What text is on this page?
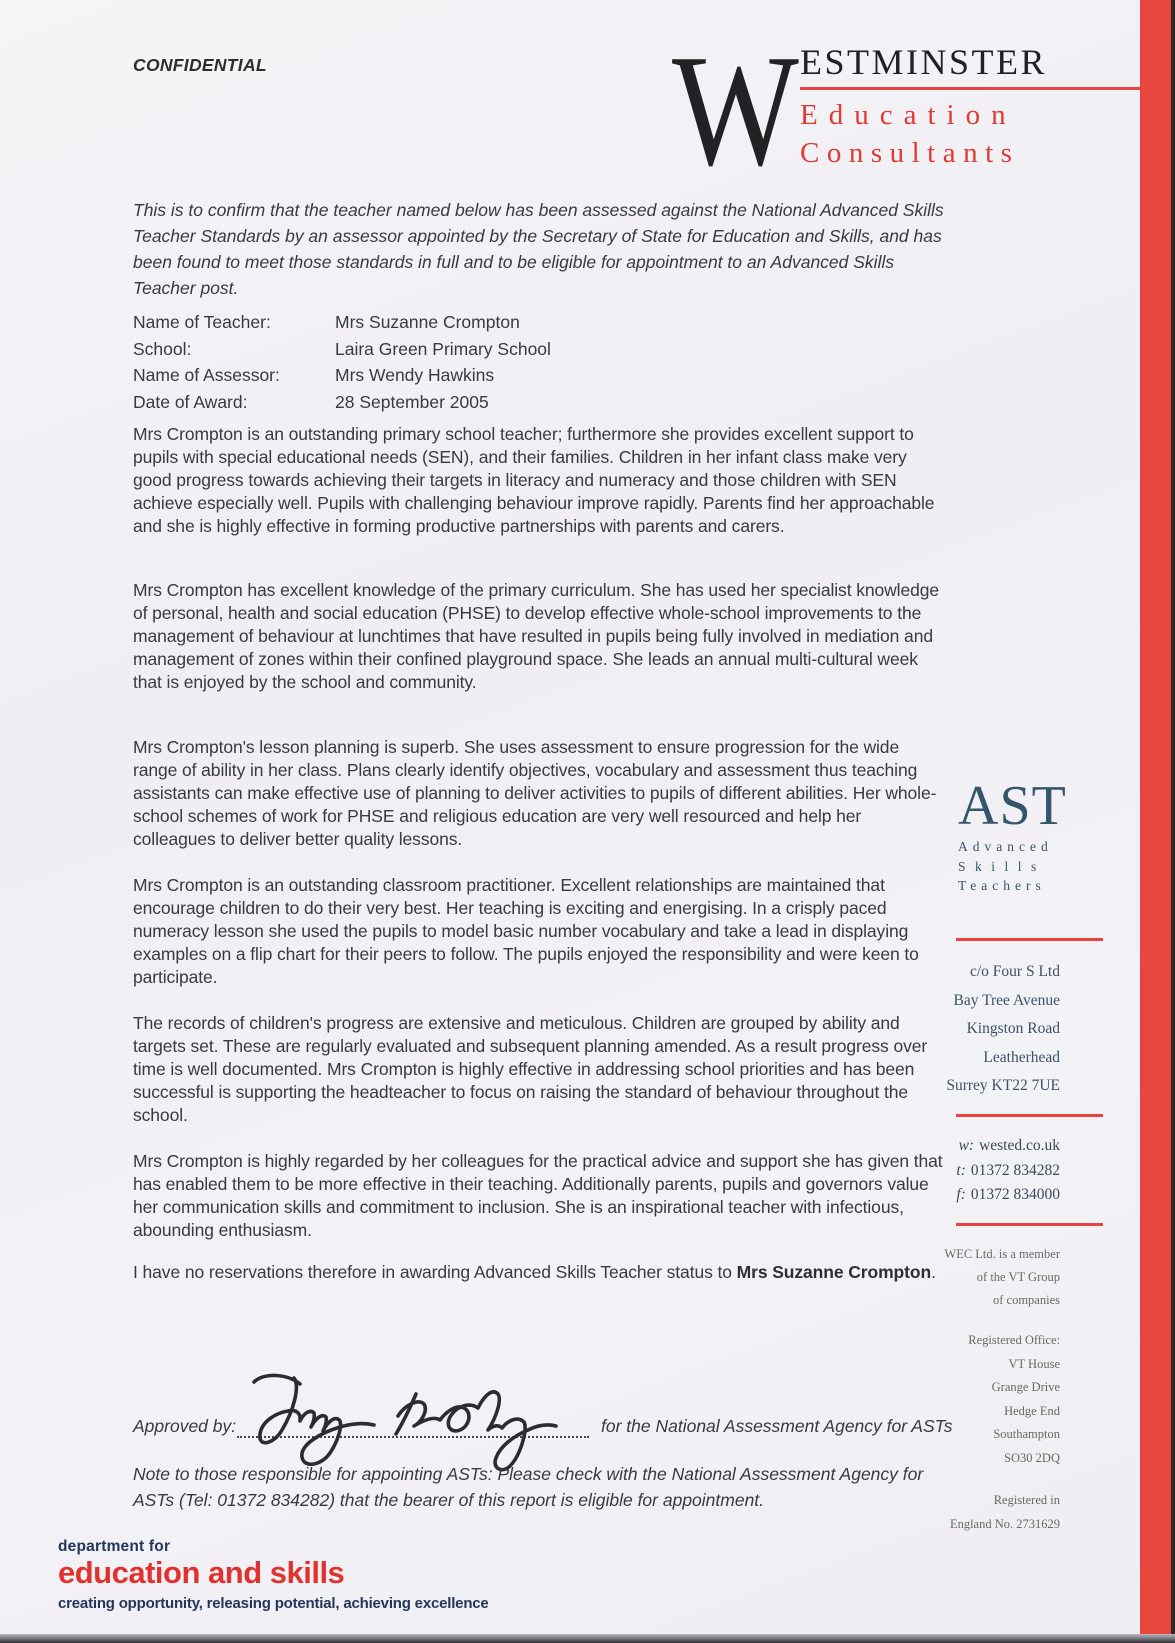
CONFIDENTIAL	W ESTMINSTER
Education
Consultants
This is to confirm that the teacher named below has been assessed against the National Advanced Skills Teacher Standards by an assessor appointed by the Secretary of State for Education and Skills, and has been found to meet those standards in full and to be eligible for appointment to an Advanced Skills Teacher post.
Name of Teacher:	Mrs Suzanne Crompton
School:	Laira Green Primary School
Name of Assessor:	Mrs Wendy Hawkins
Date of Award:	28 September 2005
Mrs Crompton is an outstanding primary school teacher; furthermore she provides excellent support to pupils with special educational needs (SEN), and their families. Children in her infant class make very good progress towards achieving their targets in literacy and numeracy and those children with SEN achieve especially well. Pupils with challenging behaviour improve rapidly. Parents find her approachable and she is highly effective in forming productive partnerships with parents and carers.
Mrs Crompton has excellent knowledge of the primary curriculum. She has used her specialist knowledge of personal, health and social education (PHSE) to develop effective whole-school improvements to the management of behaviour at lunchtimes that have resulted in pupils being fully involved in mediation and management of zones within their confined playground space. She leads an annual multi-cultural week that is enjoyed by the school and community.
Mrs Crompton's lesson planning is superb. She uses assessment to ensure progression for the wide range of ability in her class. Plans clearly identify objectives, vocabulary and assessment thus teaching assistants can make effective use of planning to deliver activities to pupils of different abilities. Her whole-school schemes of work for PHSE and religious education are very well resourced and help her colleagues to deliver better quality lessons.
Mrs Crompton is an outstanding classroom practitioner. Excellent relationships are maintained that encourage children to do their very best. Her teaching is exciting and energising. In a crisply paced numeracy lesson she used the pupils to model basic number vocabulary and take a lead in displaying examples on a flip chart for their peers to follow. The pupils enjoyed the responsibility and were keen to participate.
The records of children's progress are extensive and meticulous. Children are grouped by ability and targets set. These are regularly evaluated and subsequent planning amended. As a result progress over time is well documented. Mrs Crompton is highly effective in addressing school priorities and has been successful is supporting the headteacher to focus on raising the standard of behaviour throughout the school.
Mrs Crompton is highly regarded by her colleagues for the practical advice and support she has given that has enabled them to be more effective in their teaching. Additionally parents, pupils and governors value her communication skills and commitment to inclusion. She is an inspirational teacher with infectious, abounding enthusiasm.
I have no reservations therefore in awarding Advanced Skills Teacher status to Mrs Suzanne Crompton.
Approved by:	for the National Assessment Agency for ASTs
Note to those responsible for appointing ASTs: Please check with the National Assessment Agency for ASTs (Tel: 01372 834282) that the bearer of this report is eligible for appointment.
AST
Advanced
Skills
Teachers
c/o Four S Ltd
Bay Tree Avenue
Kingston Road
Leatherhead
Surrey KT22 7UE
w: wested.co.uk
t: 01372 834282
f: 01372 834000
WEC Ltd. is a member
of the VT Group
of companies
Registered Office:
VT House
Grange Drive
Hedge End
Southampton
SO30 2DQ
Registered in
England No. 2731629
department for
education and skills
creating opportunity, releasing potential, achieving excellence
